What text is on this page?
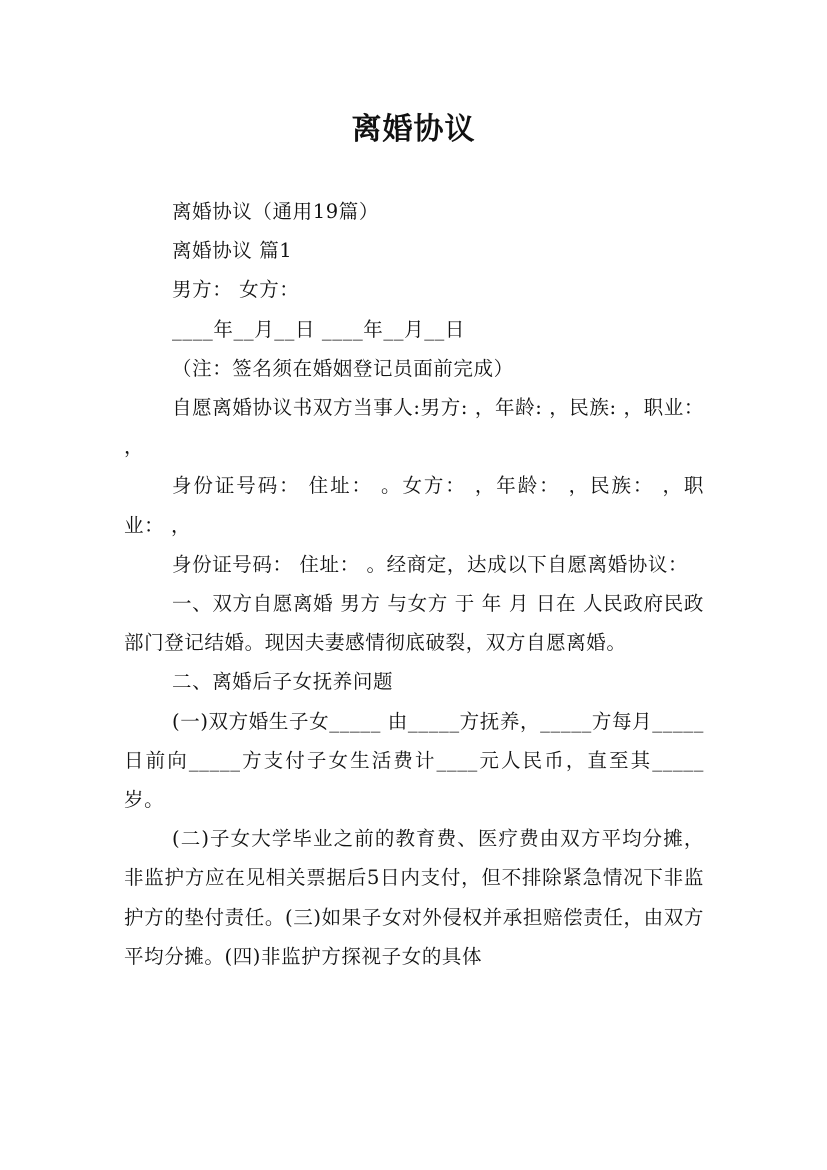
离婚协议

离婚协议（通用19篇）

离婚协议 篇1

男方： 女方：

____年__月__日 ____年__月__日

（注：签名须在婚姻登记员面前完成）

自愿离婚协议书双方当事人:男方: ，年龄: ，民族: ，职业： ，

身份证号码： 住址： 。女方： ，年龄： ，民族： ，职业： ，

身份证号码： 住址： 。经商定，达成以下自愿离婚协议：

一、双方自愿离婚 男方 与女方 于 年 月 日在 人民政府民政部门登记结婚。现因夫妻感情彻底破裂，双方自愿离婚。

二、离婚后子女抚养问题

(一)双方婚生子女_____ 由_____方抚养，_____方每月_____日前向_____方支付子女生活费计____元人民币，直至其_____岁。

(二)子女大学毕业之前的教育费、医疗费由双方平均分摊，非监护方应在见相关票据后5日内支付，但不排除紧急情况下非监护方的垫付责任。(三)如果子女对外侵权并承担赔偿责任，由双方平均分摊。(四)非监护方探视子女的具体
